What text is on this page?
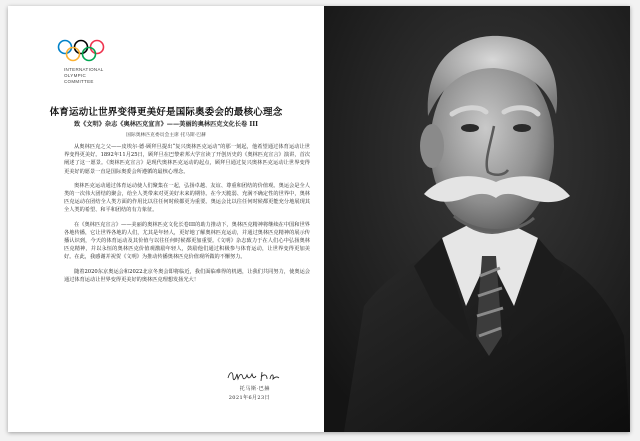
INTERNATIONAL
OLYMPIC
COMMITTEE
体育运动让世界变得更美好是国际奥委会的最核心理念
致《文明》杂志《奥林匹克宣言》——美丽的奥林匹克文化长卷 III
国际奥林匹克委员会主席 托马斯·巴赫

从奥林匹克之父——皮埃尔·德·顾拜旦提出“复兴奥林匹克运动”的那一刻起，他希望通过体育运动让世界变得更美好。1892年11月25日，顾拜旦在巴黎索邦大学宣读了开创历史的《奥林匹克宣言》演讲，首次阐述了这一愿景。《奥林匹克宣言》是现代奥林匹克运动的起点，顾拜旦通过复兴奥林匹克运动让世界变得更美好的愿景一直是国际奥委会所遵循的最核心理念。

奥林匹克运动通过体育运动使人们聚集在一起，弘扬卓越、友谊、尊重和团结的价值观。奥运会是全人类的一次伟大团结的聚会，给全人类带来对更美好未来的期待。在今天脆弱、充满不确定性的世界中，奥林匹克运动在团结全人类方面的作用比以往任何时候都更为重要。奥运会比以往任何时候都更能充分地展现其全人类的希望、和平和团结的有力象征。

在《奥林匹克宣言》——美丽的奥林匹克文化长卷III的助力推动下，奥林匹克精神将继续在中国和世界各地传播，它让世界各地的人们，尤其是年轻人，更好地了解奥林匹克运动，并通过奥林匹克精神的展示传播认识到，今天的体育运动及其价值与以往任何时候都更加重要。《文明》杂志致力于在人们心中弘扬奥林匹克精神，并以永恒的奥林匹克价值观激励年轻人，鼓励他们通过积极参与体育运动，让世界变得更加美好。在此，我感谢并祝贺《文明》为推动传播奥林匹克价值观所做的不懈努力。

随着2020东京奥运会和2022北京冬奥会即将临近，我们面临难得的机遇，让我们共同努力，使奥运会通过体育运动让世界变得更美好的奥林匹克理想发扬光大！

托马斯·巴赫
2021年6月23日
